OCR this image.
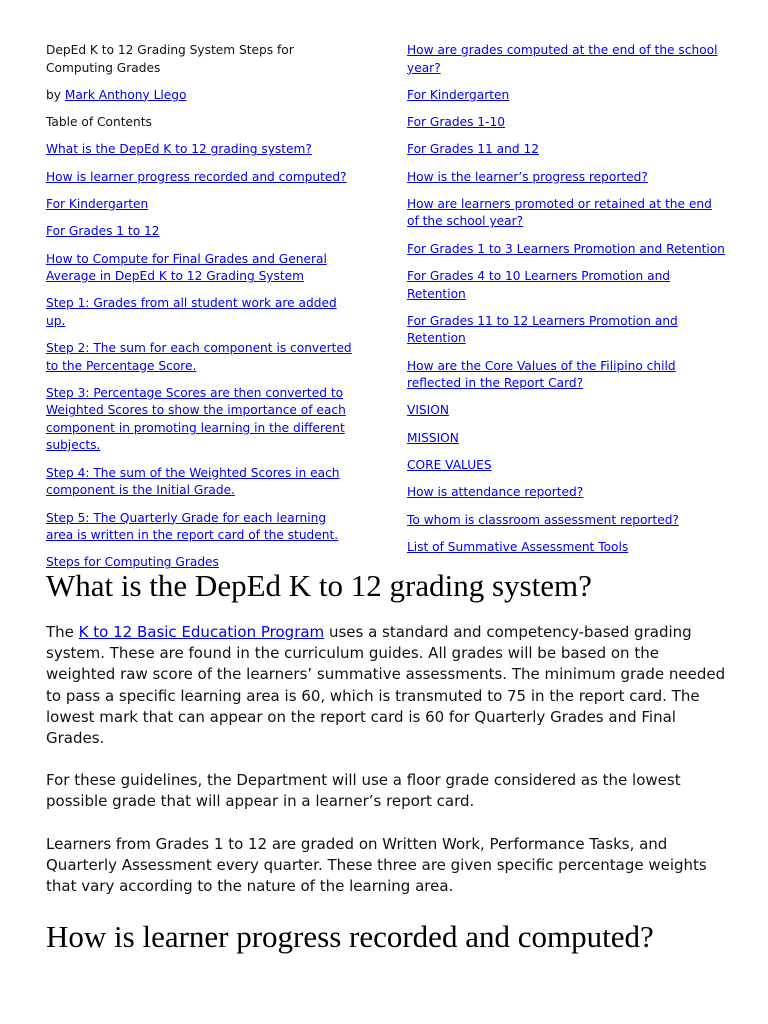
DepEd K to 12 Grading System Steps for Computing Grades

by Mark Anthony Llego

Table of Contents

What is the DepEd K to 12 grading system?

How is learner progress recorded and computed?

For Kindergarten

For Grades 1 to 12

How to Compute for Final Grades and General Average in DepEd K to 12 Grading System

Step 1: Grades from all student work are added up.

Step 2: The sum for each component is converted to the Percentage Score.

Step 3: Percentage Scores are then converted to Weighted Scores to show the importance of each component in promoting learning in the different subjects.

Step 4: The sum of the Weighted Scores in each component is the Initial Grade.

Step 5: The Quarterly Grade for each learning area is written in the report card of the student.

Steps for Computing Grades

How are grades computed at the end of the school year?

For Kindergarten

For Grades 1-10

For Grades 11 and 12

How is the learner’s progress reported?

How are learners promoted or retained at the end of the school year?

For Grades 1 to 3 Learners Promotion and Retention

For Grades 4 to 10 Learners Promotion and Retention

For Grades 11 to 12 Learners Promotion and Retention

How are the Core Values of the Filipino child reflected in the Report Card?

VISION

MISSION

CORE VALUES

How is attendance reported?

To whom is classroom assessment reported?

List of Summative Assessment Tools

What is the DepEd K to 12 grading system?

The K to 12 Basic Education Program uses a standard and competency-based grading system. These are found in the curriculum guides. All grades will be based on the weighted raw score of the learners’ summative assessments. The minimum grade needed to pass a specific learning area is 60, which is transmuted to 75 in the report card. The lowest mark that can appear on the report card is 60 for Quarterly Grades and Final Grades.

For these guidelines, the Department will use a floor grade considered as the lowest possible grade that will appear in a learner’s report card.

Learners from Grades 1 to 12 are graded on Written Work, Performance Tasks, and Quarterly Assessment every quarter. These three are given specific percentage weights that vary according to the nature of the learning area.

How is learner progress recorded and computed?
